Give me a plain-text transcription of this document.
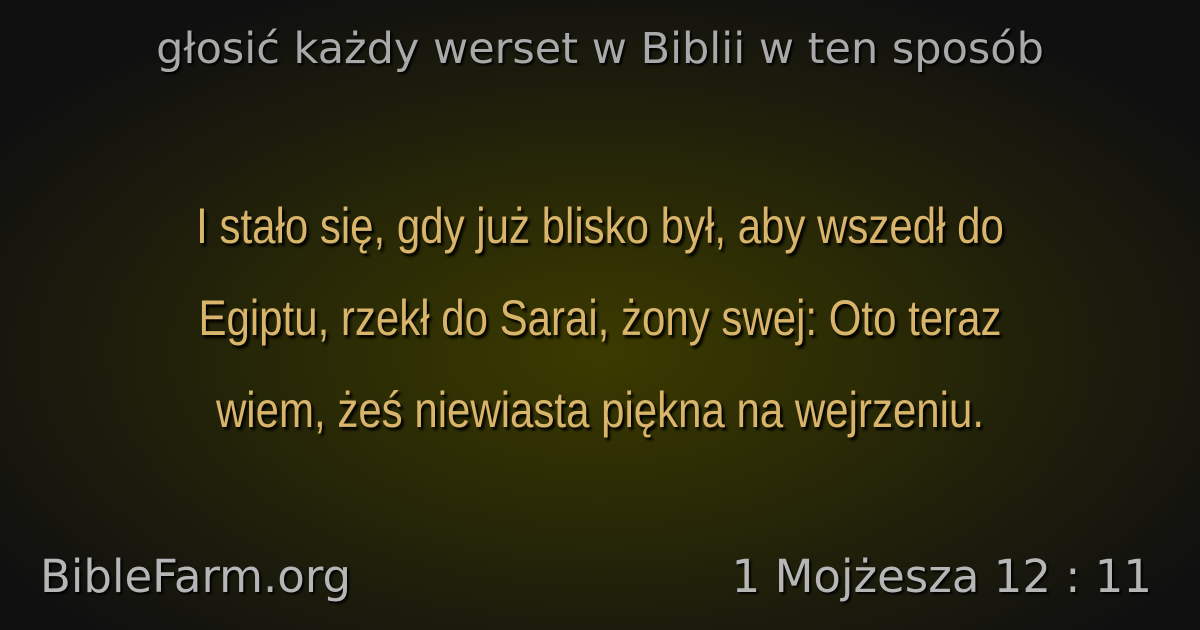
głosić każdy werset w Biblii w ten sposób
I stało się, gdy już blisko był, aby wszedł do
Egiptu, rzekł do Sarai, żony swej: Oto teraz
wiem, żeś niewiasta piękna na wejrzeniu.
BibleFarm.org	1 Mojżesza 12 : 11
